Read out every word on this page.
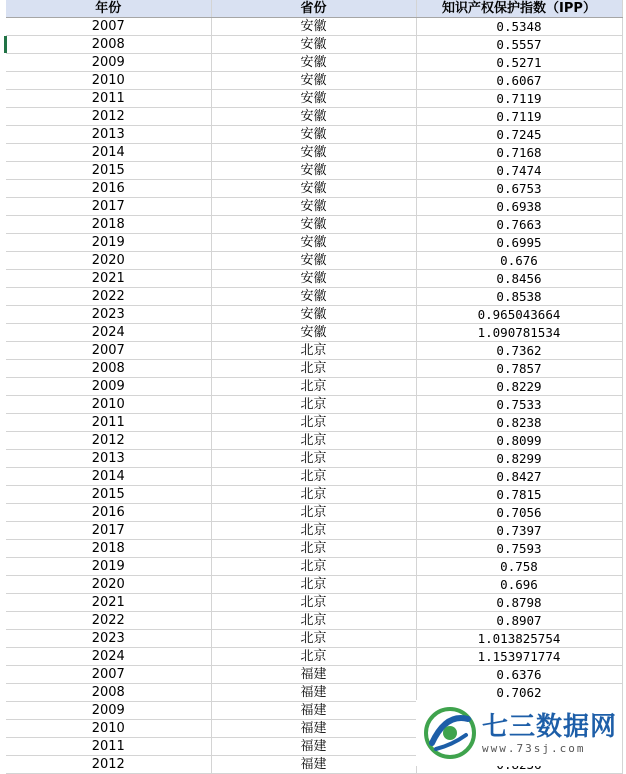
年份	省份	知识产权保护指数（IPP）
2007	安徽	0.5348
2008	安徽	0.5557
2009	安徽	0.5271
2010	安徽	0.6067
2011	安徽	0.7119
2012	安徽	0.7119
2013	安徽	0.7245
2014	安徽	0.7168
2015	安徽	0.7474
2016	安徽	0.6753
2017	安徽	0.6938
2018	安徽	0.7663
2019	安徽	0.6995
2020	安徽	0.676
2021	安徽	0.8456
2022	安徽	0.8538
2023	安徽	0.965043664
2024	安徽	1.090781534
2007	北京	0.7362
2008	北京	0.7857
2009	北京	0.8229
2010	北京	0.7533
2011	北京	0.8238
2012	北京	0.8099
2013	北京	0.8299
2014	北京	0.8427
2015	北京	0.7815
2016	北京	0.7056
2017	北京	0.7397
2018	北京	0.7593
2019	北京	0.758
2020	北京	0.696
2021	北京	0.8798
2022	北京	0.8907
2023	北京	1.013825754
2024	北京	1.153971774
2007	福建	0.6376
2008	福建	0.7062
2009	福建	
2010	福建	
2011	福建	
2012	福建	
七三数据网
www.73sj.com
